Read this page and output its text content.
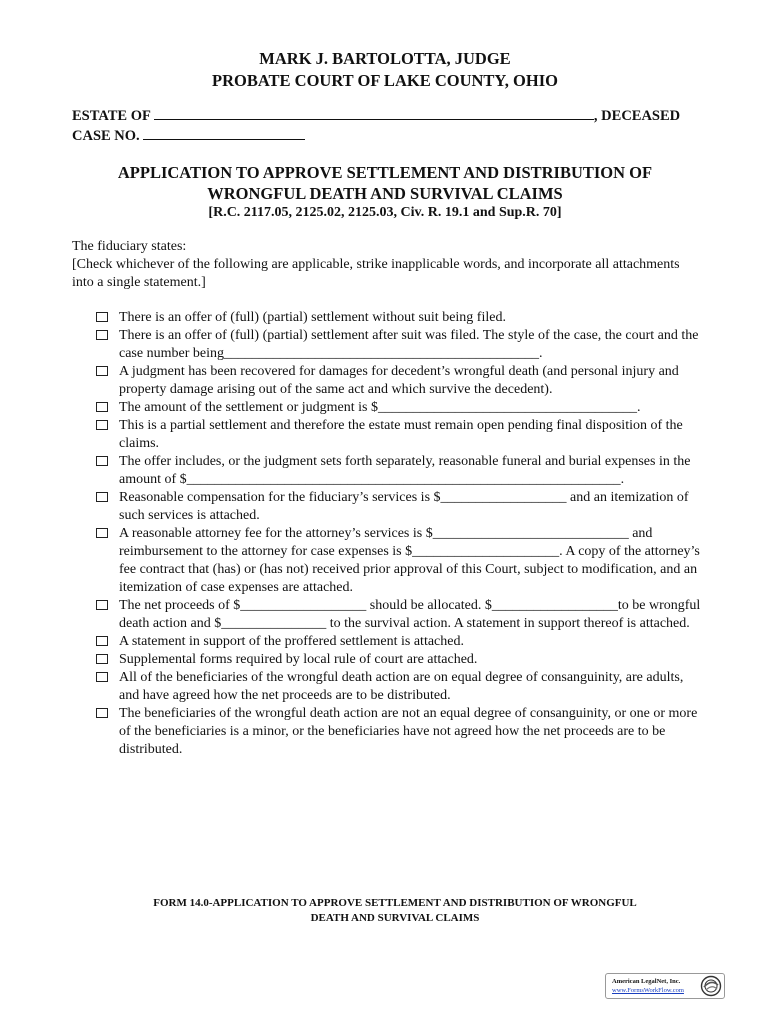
MARK J. BARTOLOTTA, JUDGE
PROBATE COURT OF LAKE COUNTY, OHIO
ESTATE OF	, DECEASED
CASE NO.
APPLICATION TO APPROVE SETTLEMENT AND DISTRIBUTION OF
WRONGFUL DEATH AND SURVIVAL CLAIMS
[R.C. 2117.05, 2125.02, 2125.03, Civ. R. 19.1 and Sup.R. 70]
The fiduciary states:
[Check whichever of the following are applicable, strike inapplicable words, and incorporate all attachments into a single statement.]
There is an offer of (full) (partial) settlement without suit being filed.
There is an offer of (full) (partial) settlement after suit was filed. The style of the case, the court and the case number being_____________________________________________.
A judgment has been recovered for damages for decedent’s wrongful death (and personal injury and property damage arising out of the same act and which survive the decedent).
The amount of the settlement or judgment is $_____________________________________.
This is a partial settlement and therefore the estate must remain open pending final disposition of the claims.
The offer includes, or the judgment sets forth separately, reasonable funeral and burial expenses in the amount of $______________________________________________________________.
Reasonable compensation for the fiduciary’s services is $__________________ and an itemization of such services is attached.
A reasonable attorney fee for the attorney’s services is $____________________________ and reimbursement to the attorney for case expenses is $_____________________. A copy of the attorney’s fee contract that (has) or (has not) received prior approval of this Court, subject to modification, and an itemization of case expenses are attached.
The net proceeds of $__________________ should be allocated. $__________________to be wrongful death action and $_______________ to the survival action. A statement in support thereof is attached.
A statement in support of the proffered settlement is attached.
Supplemental forms required by local rule of court are attached.
All of the beneficiaries of the wrongful death action are on equal degree of consanguinity, are adults, and have agreed how the net proceeds are to be distributed.
The beneficiaries of the wrongful death action are not an equal degree of consanguinity, or one or more of the beneficiaries is a minor, or the beneficiaries have not agreed how the net proceeds are to be distributed.
FORM 14.0-APPLICATION TO APPROVE SETTLEMENT AND DISTRIBUTION OF WRONGFUL
DEATH AND SURVIVAL CLAIMS
American LegalNet, Inc.
www.FormsWorkFlow.com
